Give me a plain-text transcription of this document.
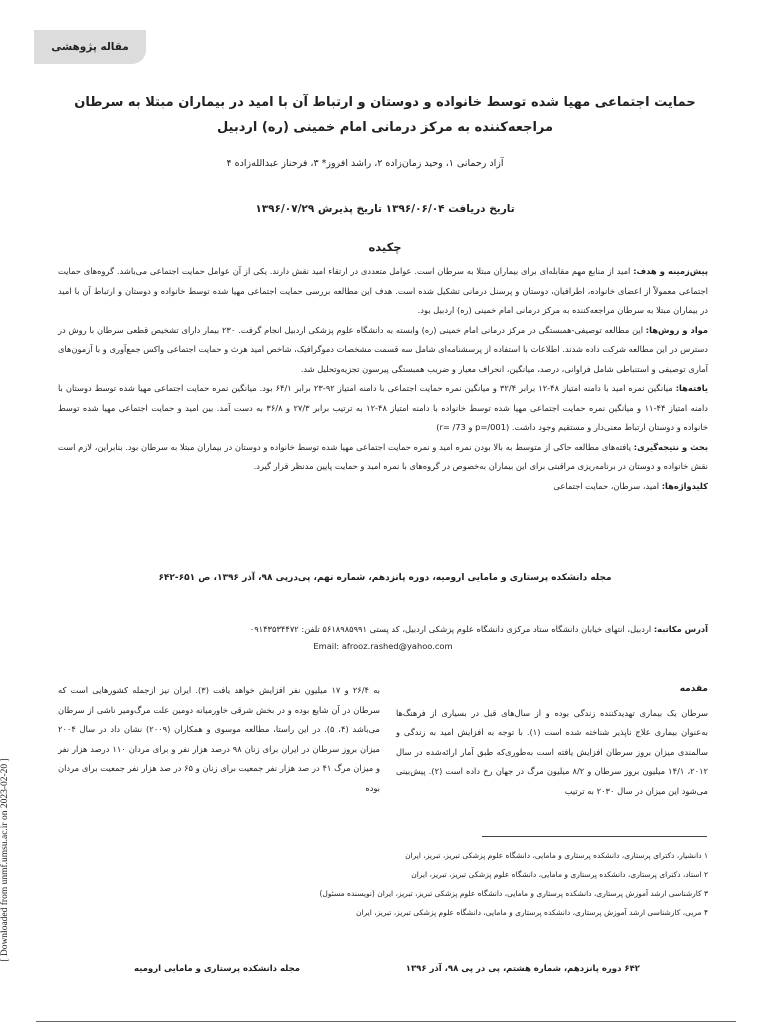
مقاله پژوهشی
حمایت اجتماعی مهیا شده توسط خانواده و دوستان و ارتباط آن با امید در بیماران مبتلا به سرطان مراجعه‌کننده به مرکز درمانی امام خمینی (ره) اردبیل
آزاد رحمانی ۱، وحید زمان‌زاده ۲، راشد افروز* ۳، فرحناز عبدالله‌زاده ۴
تاریخ دریافت ۱۳۹۶/۰۶/۰۴ تاریخ پذیرش ۱۳۹۶/۰۷/۲۹
چکیده

پیش‌زمینه و هدف: امید از منابع مهم مقابله‌ای برای بیماران مبتلا به سرطان است. عوامل متعددی در ارتقاء امید نقش دارند. یکی از آن عوامل حمایت اجتماعی می‌باشد. گروه‌های حمایت اجتماعی معمولاً از اعضای خانواده، اطرافیان، دوستان و پرسنل درمانی تشکیل شده است. هدف این مطالعه بررسی حمایت اجتماعی مهیا شده توسط خانواده و دوستان و ارتباط آن با امید در بیماران مبتلا به سرطان مراجعه‌کننده به مرکز درمانی امام خمینی (ره) اردبیل بود.

مواد و روش‌ها: این مطالعه توصیفی-همبستگی در مرکز درمانی امام خمینی (ره) وابسته به دانشگاه علوم پزشکی اردبیل انجام گرفت. ۲۳۰ بیمار دارای تشخیص قطعی سرطان با روش در دسترس در این مطالعه شرکت داده شدند. اطلاعات با استفاده از پرسشنامه‌ای شامل سه قسمت مشخصات دموگرافیک، شاخص امید هرث و حمایت اجتماعی واکس جمع‌آوری و با آزمون‌های آماری توصیفی و استنباطی شامل فراوانی، درصد، میانگین، انحراف معیار و ضریب همبستگی پیرسون تجزیه‌وتحلیل شد.

یافته‌ها: میانگین نمره امید با دامنه امتیاز ۴۸-۱۲ برابر ۳۲/۴ و میانگین نمره حمایت اجتماعی با دامنه امتیاز ۹۲-۲۳ برابر ۶۴/۱ بود. میانگین نمره حمایت اجتماعی مهیا شده توسط دوستان با دامنه امتیاز ۴۴-۱۱ و میانگین نمره حمایت اجتماعی مهیا شده توسط خانواده با دامنه امتیاز ۴۸-۱۲ به ترتیب برابر ۲۷/۳ و ۳۶/۸ به دست آمد. بین امید و حمایت اجتماعی مهیا شده توسط خانواده و دوستان ارتباط معنی‌دار و مستقیم وجود داشت. (p=/001 و r= /73)

بحث و نتیجه‌گیری: یافته‌های مطالعه حاکی از متوسط به بالا بودن نمره امید و نمره حمایت اجتماعی مهیا شده توسط خانواده و دوستان در بیماران مبتلا به سرطان بود. بنابراین، لازم است نقش خانواده و دوستان در برنامه‌ریزی مراقبتی برای این بیماران به‌خصوص در گروه‌های با نمره امید و حمایت پایین مدنظر قرار گیرد.

کلیدواژه‌ها: امید، سرطان، حمایت اجتماعی

مجله دانشکده پرستاری و مامایی ارومیه، دوره پانزدهم، شماره نهم، پی‌درپی ۹۸، آذر ۱۳۹۶، ص ۶۵۱-۶۴۲
آدرس مکاتبه: اردبیل، انتهای خیابان دانشگاه ستاد مرکزی دانشگاه علوم پزشکی اردبیل، کد پستی ۵۶۱۸۹۸۵۹۹۱ تلفن: ۰۹۱۴۳۵۳۴۴۷۲
Email: afrooz.rashed@yahoo.com
مقدمه

سرطان یک بیماری تهدیدکننده زندگی بوده و از سال‌های قبل در بسیاری از فرهنگ‌ها به‌عنوان بیماری علاج ناپذیر شناخته شده است (۱). با توجه به افزایش امید به زندگی و سالمندی میزان بروز سرطان افزایش یافته است به‌طوری‌که طبق آمار ارائه‌شده در سال ۲۰۱۲، ۱۴/۱ میلیون بروز سرطان و ۸/۲ میلیون مرگ در جهان رخ داده است (۲). پیش‌بینی می‌شود این میزان در سال ۲۰۳۰ به ترتیب

به ۲۶/۴ و ۱۷ میلیون نفر افزایش خواهد یافت (۳). ایران نیز ازجمله کشورهایی است که سرطان در آن شایع بوده و در بخش شرقی خاورمیانه دومین علت مرگ‌ومیر ناشی از سرطان می‌باشد (۴، ۵). در این راستا، مطالعه موسوی و همکاران (۲۰۰۹) نشان داد در سال ۲۰۰۴ میزان بروز سرطان در ایران برای زنان ۹۸ درصد هزار نفر و برای مردان ۱۱۰ درصد هزار نفر و میزان مرگ ۴۱ در صد هزار نفر جمعیت برای زنان و ۶۵ در صد هزار نفر جمعیت برای مردان بوده

۱ دانشیار، دکترای پرستاری، دانشکده پرستاری و مامایی، دانشگاه علوم پزشکی تبریز، تبریز، ایران
۲ استاد، دکترای پرستاری، دانشکده پرستاری و مامایی، دانشگاه علوم پزشکی تبریز، تبریز، ایران
۳ کارشناسی ارشد آموزش پرستاری، دانشکده پرستاری و مامایی، دانشگاه علوم پزشکی تبریز، تبریز، ایران (نویسنده مسئول)
۴ مربی، کارشناسی ارشد آموزش پرستاری، دانشکده پرستاری و مامایی، دانشگاه علوم پزشکی تبریز، تبریز، ایران
۶۴۲ دوره پانزدهم، شماره هشتم، پی در پی ۹۸، آذر ۱۳۹۶
مجله دانشکده پرستاری و مامایی ارومیه
[ Downloaded from unmf.umsu.ac.ir on 2023-02-20 ]
